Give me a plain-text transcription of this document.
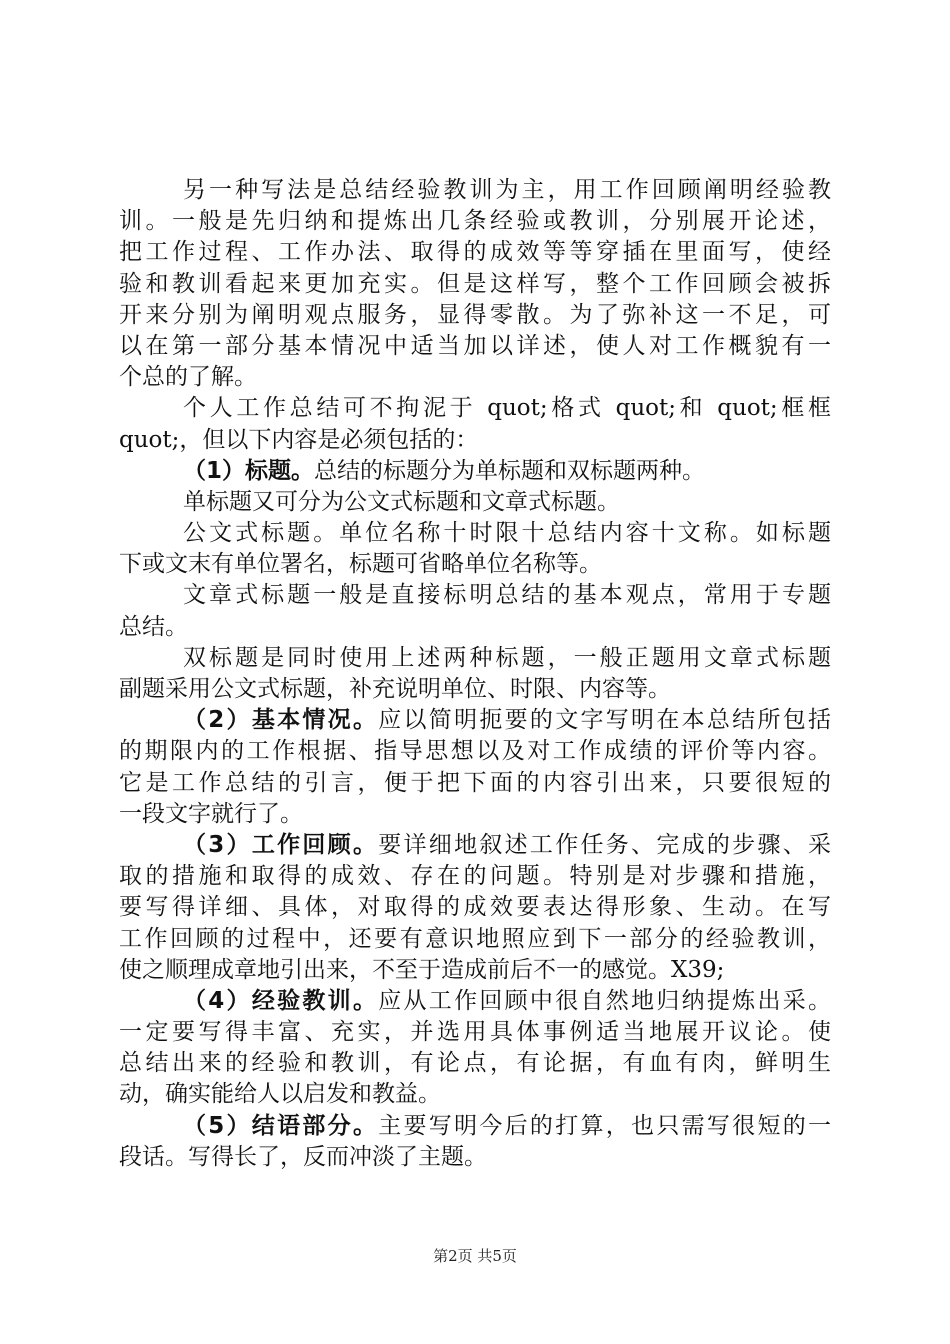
另一种写法是总结经验教训为主，用工作回顾阐明经验教
训。一般是先归纳和提炼出几条经验或教训，分别展开论述，
把工作过程、工作办法、取得的成效等等穿插在里面写，使经
验和教训看起来更加充实。但是这样写，整个工作回顾会被拆
开来分别为阐明观点服务，显得零散。为了弥补这一不足，可
以在第一部分基本情况中适当加以详述，使人对工作概貌有一
个总的了解。
个人工作总结可不拘泥于 quot;格式 quot;和 quot;框框
quot;，但以下内容是必须包括的：
（1）标题。总结的标题分为单标题和双标题两种。
单标题又可分为公文式标题和文章式标题。
公文式标题。单位名称十时限十总结内容十文称。如标题
下或文末有单位署名，标题可省略单位名称等。
文章式标题一般是直接标明总结的基本观点，常用于专题
总结。
双标题是同时使用上述两种标题，一般正题用文章式标题
副题采用公文式标题，补充说明单位、时限、内容等。
（2）基本情况。应以简明扼要的文字写明在本总结所包括
的期限内的工作根据、指导思想以及对工作成绩的评价等内容。
它是工作总结的引言，便于把下面的内容引出来，只要很短的
一段文字就行了。
（3）工作回顾。要详细地叙述工作任务、完成的步骤、采
取的措施和取得的成效、存在的问题。特别是对步骤和措施，
要写得详细、具体，对取得的成效要表达得形象、生动。在写
工作回顾的过程中，还要有意识地照应到下一部分的经验教训，
使之顺理成章地引出来，不至于造成前后不一的感觉。X39;
（4）经验教训。应从工作回顾中很自然地归纳提炼出采。
一定要写得丰富、充实，并选用具体事例适当地展开议论。使
总结出来的经验和教训，有论点，有论据，有血有肉，鲜明生
动，确实能给人以启发和教益。
（5）结语部分。主要写明今后的打算，也只需写很短的一
段话。写得长了，反而冲淡了主题。
第2页 共5页
